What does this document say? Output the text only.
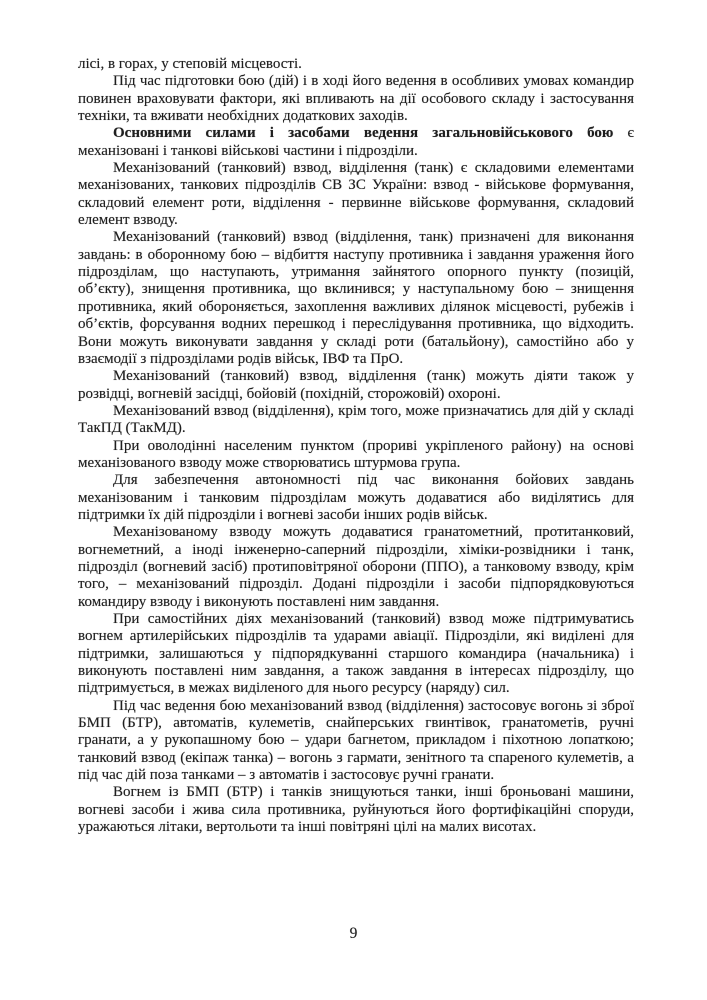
лісі, в горах, у степовій місцевості.

Під час підготовки бою (дій) і в ході його ведення в особливих умовах командир повинен враховувати фактори, які впливають на дії особового складу і застосування техніки, та вживати необхідних додаткових заходів.

Основними силами і засобами ведення загальновійськового бою є механізовані і танкові військові частини і підрозділи.

Механізований (танковий) взвод, відділення (танк) є складовими елементами механізованих, танкових підрозділів СВ ЗС України: взвод - військове формування, складовий елемент роти, відділення - первинне військове формування, складовий елемент взводу.

Механізований (танковий) взвод (відділення, танк) призначені для виконання завдань: в оборонному бою – відбиття наступу противника і завдання ураження його підрозділам, що наступають, утримання зайнятого опорного пункту (позицій, об’єкту), знищення противника, що вклинився; у наступальному бою – знищення противника, який обороняється, захоплення важливих ділянок місцевості, рубежів і об’єктів, форсування водних перешкод і переслідування противника, що відходить. Вони можуть виконувати завдання у складі роти (батальйону), самостійно або у взаємодії з підрозділами родів військ, ІВФ та ПрО.

Механізований (танковий) взвод, відділення (танк) можуть діяти також у розвідці, вогневій засідці, бойовій (похідній, сторожовій) охороні.

Механізований взвод (відділення), крім того, може призначатись для дій у складі ТакПД (ТакМД).

При оволодінні населеним пунктом (прориві укріпленого району) на основі механізованого взводу може створюватись штурмова група.

Для забезпечення автономності під час виконання бойових завдань механізованим і танковим підрозділам можуть додаватися або виділятись для підтримки їх дій підрозділи і вогневі засоби інших родів військ.

Механізованому взводу можуть додаватися гранатометний, протитанковий, вогнеметний, а іноді інженерно-саперний підрозділи, хіміки-розвідники і танк, підрозділ (вогневий засіб) протиповітряної оборони (ППО), а танковому взводу, крім того, – механізований підрозділ. Додані підрозділи і засоби підпорядковуються командиру взводу і виконують поставлені ним завдання.

При самостійних діях механізований (танковий) взвод може підтримуватись вогнем артилерійських підрозділів та ударами авіації. Підрозділи, які виділені для підтримки, залишаються у підпорядкуванні старшого командира (начальника) і виконують поставлені ним завдання, а також завдання в інтересах підрозділу, що підтримується, в межах виділеного для нього ресурсу (наряду) сил.

Під час ведення бою механізований взвод (відділення) застосовує вогонь зі зброї БМП (БТР), автоматів, кулеметів, снайперських гвинтівок, гранатометів, ручні гранати, а у рукопашному бою – удари багнетом, прикладом і піхотною лопаткою; танковий взвод (екіпаж танка) – вогонь з гармати, зенітного та спареного кулеметів, а під час дій поза танками – з автоматів і застосовує ручні гранати.

Вогнем із БМП (БТР) і танків знищуються танки, інші броньовані машини, вогневі засоби і жива сила противника, руйнуються його фортифікаційні споруди, уражаються літаки, вертольоти та інші повітряні цілі на малих висотах.

9
